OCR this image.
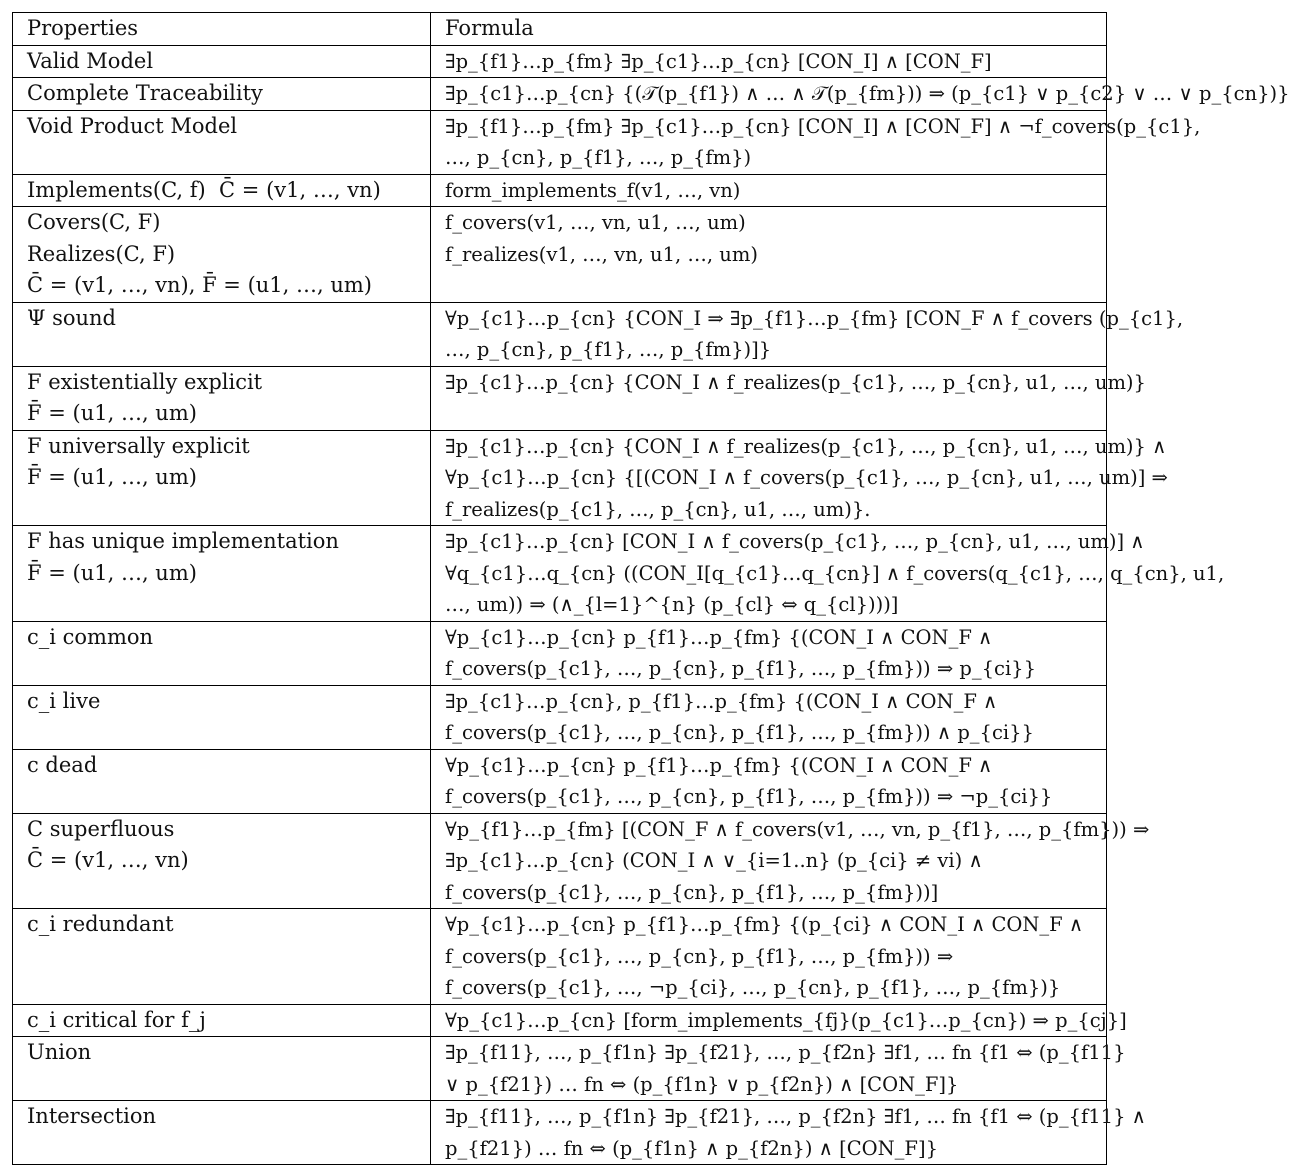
Properties	Formula

Valid Model	∃p_{f1}…p_{fm} ∃p_{c1}…p_{cn} [CON_I] ∧ [CON_F]

Complete Traceability	∃p_{c1}…p_{cn} {(𝒯(p_{f1}) ∧ … ∧ 𝒯(p_{fm})) ⇒ (p_{c1} ∨ p_{c2} ∨ … ∨ p_{cn})}

Void Product Model	∃p_{f1}…p_{fm} ∃p_{c1}…p_{cn} [CON_I] ∧ [CON_F] ∧ ¬f_covers(p_{c1},
…, p_{cn}, p_{f1}, …, p_{fm})

Implements(C, f)  C̄ = (v1, …, vn)	form_implements_f(v1, …, vn)

Covers(C, F)
Realizes(C, F)
C̄ = (v1, …, vn), F̄ = (u1, …, um)	f_covers(v1, …, vn, u1, …, um)
f_realizes(v1, …, vn, u1, …, um)

Ψ sound	∀p_{c1}…p_{cn} {CON_I ⇒ ∃p_{f1}…p_{fm} [CON_F ∧ f_covers (p_{c1},
…, p_{cn}, p_{f1}, …, p_{fm})]}

F existentially explicit
F̄ = (u1, …, um)	∃p_{c1}…p_{cn} {CON_I ∧ f_realizes(p_{c1}, …, p_{cn}, u1, …, um)}

F universally explicit
F̄ = (u1, …, um)	∃p_{c1}…p_{cn} {CON_I ∧ f_realizes(p_{c1}, …, p_{cn}, u1, …, um)} ∧
∀p_{c1}…p_{cn} {[(CON_I ∧ f_covers(p_{c1}, …, p_{cn}, u1, …, um)] ⇒
f_realizes(p_{c1}, …, p_{cn}, u1, …, um)}.

F has unique implementation
F̄ = (u1, …, um)	∃p_{c1}…p_{cn} [CON_I ∧ f_covers(p_{c1}, …, p_{cn}, u1, …, um)] ∧
∀q_{c1}…q_{cn} ((CON_I[q_{c1}…q_{cn}] ∧ f_covers(q_{c1}, …, q_{cn}, u1,
…, um)) ⇒ (∧_{l=1}^{n} (p_{cl} ⇔ q_{cl})))]

c_i common	∀p_{c1}…p_{cn} p_{f1}…p_{fm} {(CON_I ∧ CON_F ∧
f_covers(p_{c1}, …, p_{cn}, p_{f1}, …, p_{fm})) ⇒ p_{ci}}

c_i live	∃p_{c1}…p_{cn}, p_{f1}…p_{fm} {(CON_I ∧ CON_F ∧
f_covers(p_{c1}, …, p_{cn}, p_{f1}, …, p_{fm})) ∧ p_{ci}}

c dead	∀p_{c1}…p_{cn} p_{f1}…p_{fm} {(CON_I ∧ CON_F ∧
f_covers(p_{c1}, …, p_{cn}, p_{f1}, …, p_{fm})) ⇒ ¬p_{ci}}

C superfluous
C̄ = (v1, …, vn)	∀p_{f1}…p_{fm} [(CON_F ∧ f_covers(v1, …, vn, p_{f1}, …, p_{fm})) ⇒
∃p_{c1}…p_{cn} (CON_I ∧ ∨_{i=1..n} (p_{ci} ≠ vi) ∧
f_covers(p_{c1}, …, p_{cn}, p_{f1}, …, p_{fm}))]

c_i redundant	∀p_{c1}…p_{cn} p_{f1}…p_{fm} {(p_{ci} ∧ CON_I ∧ CON_F ∧
f_covers(p_{c1}, …, p_{cn}, p_{f1}, …, p_{fm})) ⇒
f_covers(p_{c1}, …, ¬p_{ci}, …, p_{cn}, p_{f1}, …, p_{fm})}

c_i critical for f_j	∀p_{c1}…p_{cn} [form_implements_{fj}(p_{c1}…p_{cn}) ⇒ p_{cj}]

Union	∃p_{f11}, …, p_{f1n} ∃p_{f21}, …, p_{f2n} ∃f1, … fn {f1 ⇔ (p_{f11}
∨ p_{f21}) … fn ⇔ (p_{f1n} ∨ p_{f2n}) ∧ [CON_F]}

Intersection	∃p_{f11}, …, p_{f1n} ∃p_{f21}, …, p_{f2n} ∃f1, … fn {f1 ⇔ (p_{f11} ∧
p_{f21}) … fn ⇔ (p_{f1n} ∧ p_{f2n}) ∧ [CON_F]}
